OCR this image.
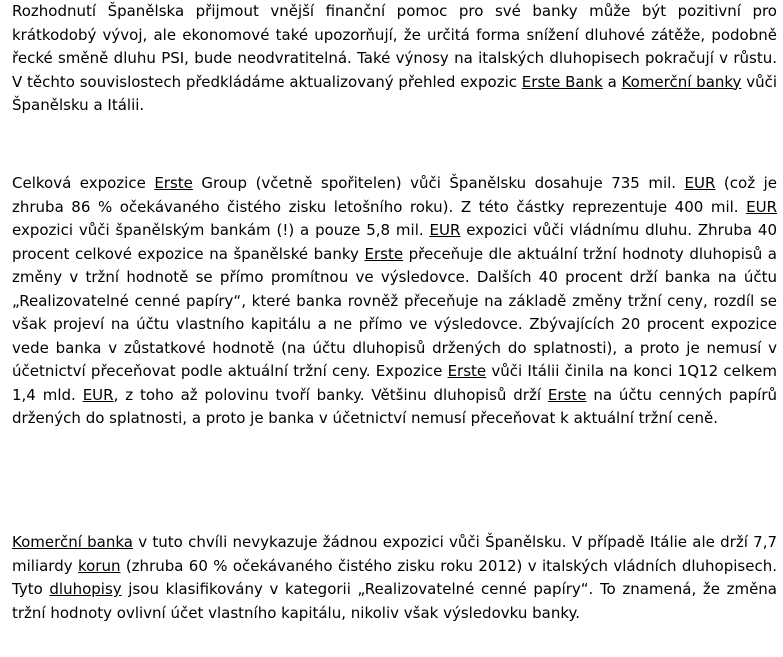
Rozhodnutí Španělska přijmout vnější finanční pomoc pro své banky může být pozitivní pro krátkodobý vývoj, ale ekonomové také upozorňují, že určitá forma snížení dluhové zátěže, podobně řecké směně dluhu PSI, bude neodvratitelná. Také výnosy na italských dluhopisech pokračují v růstu. V těchto souvislostech předkládáme aktualizovaný přehled expozic Erste Bank a Komerční banky vůči Španělsku a Itálii.

Celková expozice Erste Group (včetně spořitelen) vůči Španělsku dosahuje 735 mil. EUR (což je zhruba 86 % očekávaného čistého zisku letošního roku). Z této částky reprezentuje 400 mil. EUR expozici vůči španělským bankám (!) a pouze 5,8 mil. EUR expozici vůči vládnímu dluhu. Zhruba 40 procent celkové expozice na španělské banky Erste přeceňuje dle aktuální tržní hodnoty dluhopisů a změny v tržní hodnotě se přímo promítnou ve výsledovce. Dalších 40 procent drží banka na účtu „Realizovatelné cenné papíry“, které banka rovněž přeceňuje na základě změny tržní ceny, rozdíl se však projeví na účtu vlastního kapitálu a ne přímo ve výsledovce. Zbývajících 20 procent expozice vede banka v zůstatkové hodnotě (na účtu dluhopisů držených do splatnosti), a proto je nemusí v účetnictví přeceňovat podle aktuální tržní ceny. Expozice Erste vůči Itálii činila na konci 1Q12 celkem 1,4 mld. EUR, z toho až polovinu tvoří banky. Většinu dluhopisů drží Erste na účtu cenných papírů držených do splatnosti, a proto je banka v účetnictví nemusí přeceňovat k aktuální tržní ceně.

Komerční banka v tuto chvíli nevykazuje žádnou expozici vůči Španělsku. V případě Itálie ale drží 7,7 miliardy korun (zhruba 60 % očekávaného čistého zisku roku 2012) v italských vládních dluhopisech. Tyto dluhopisy jsou klasifikovány v kategorii „Realizovatelné cenné papíry“. To znamená, že změna tržní hodnoty ovlivní účet vlastního kapitálu, nikoliv však výsledovku banky.
